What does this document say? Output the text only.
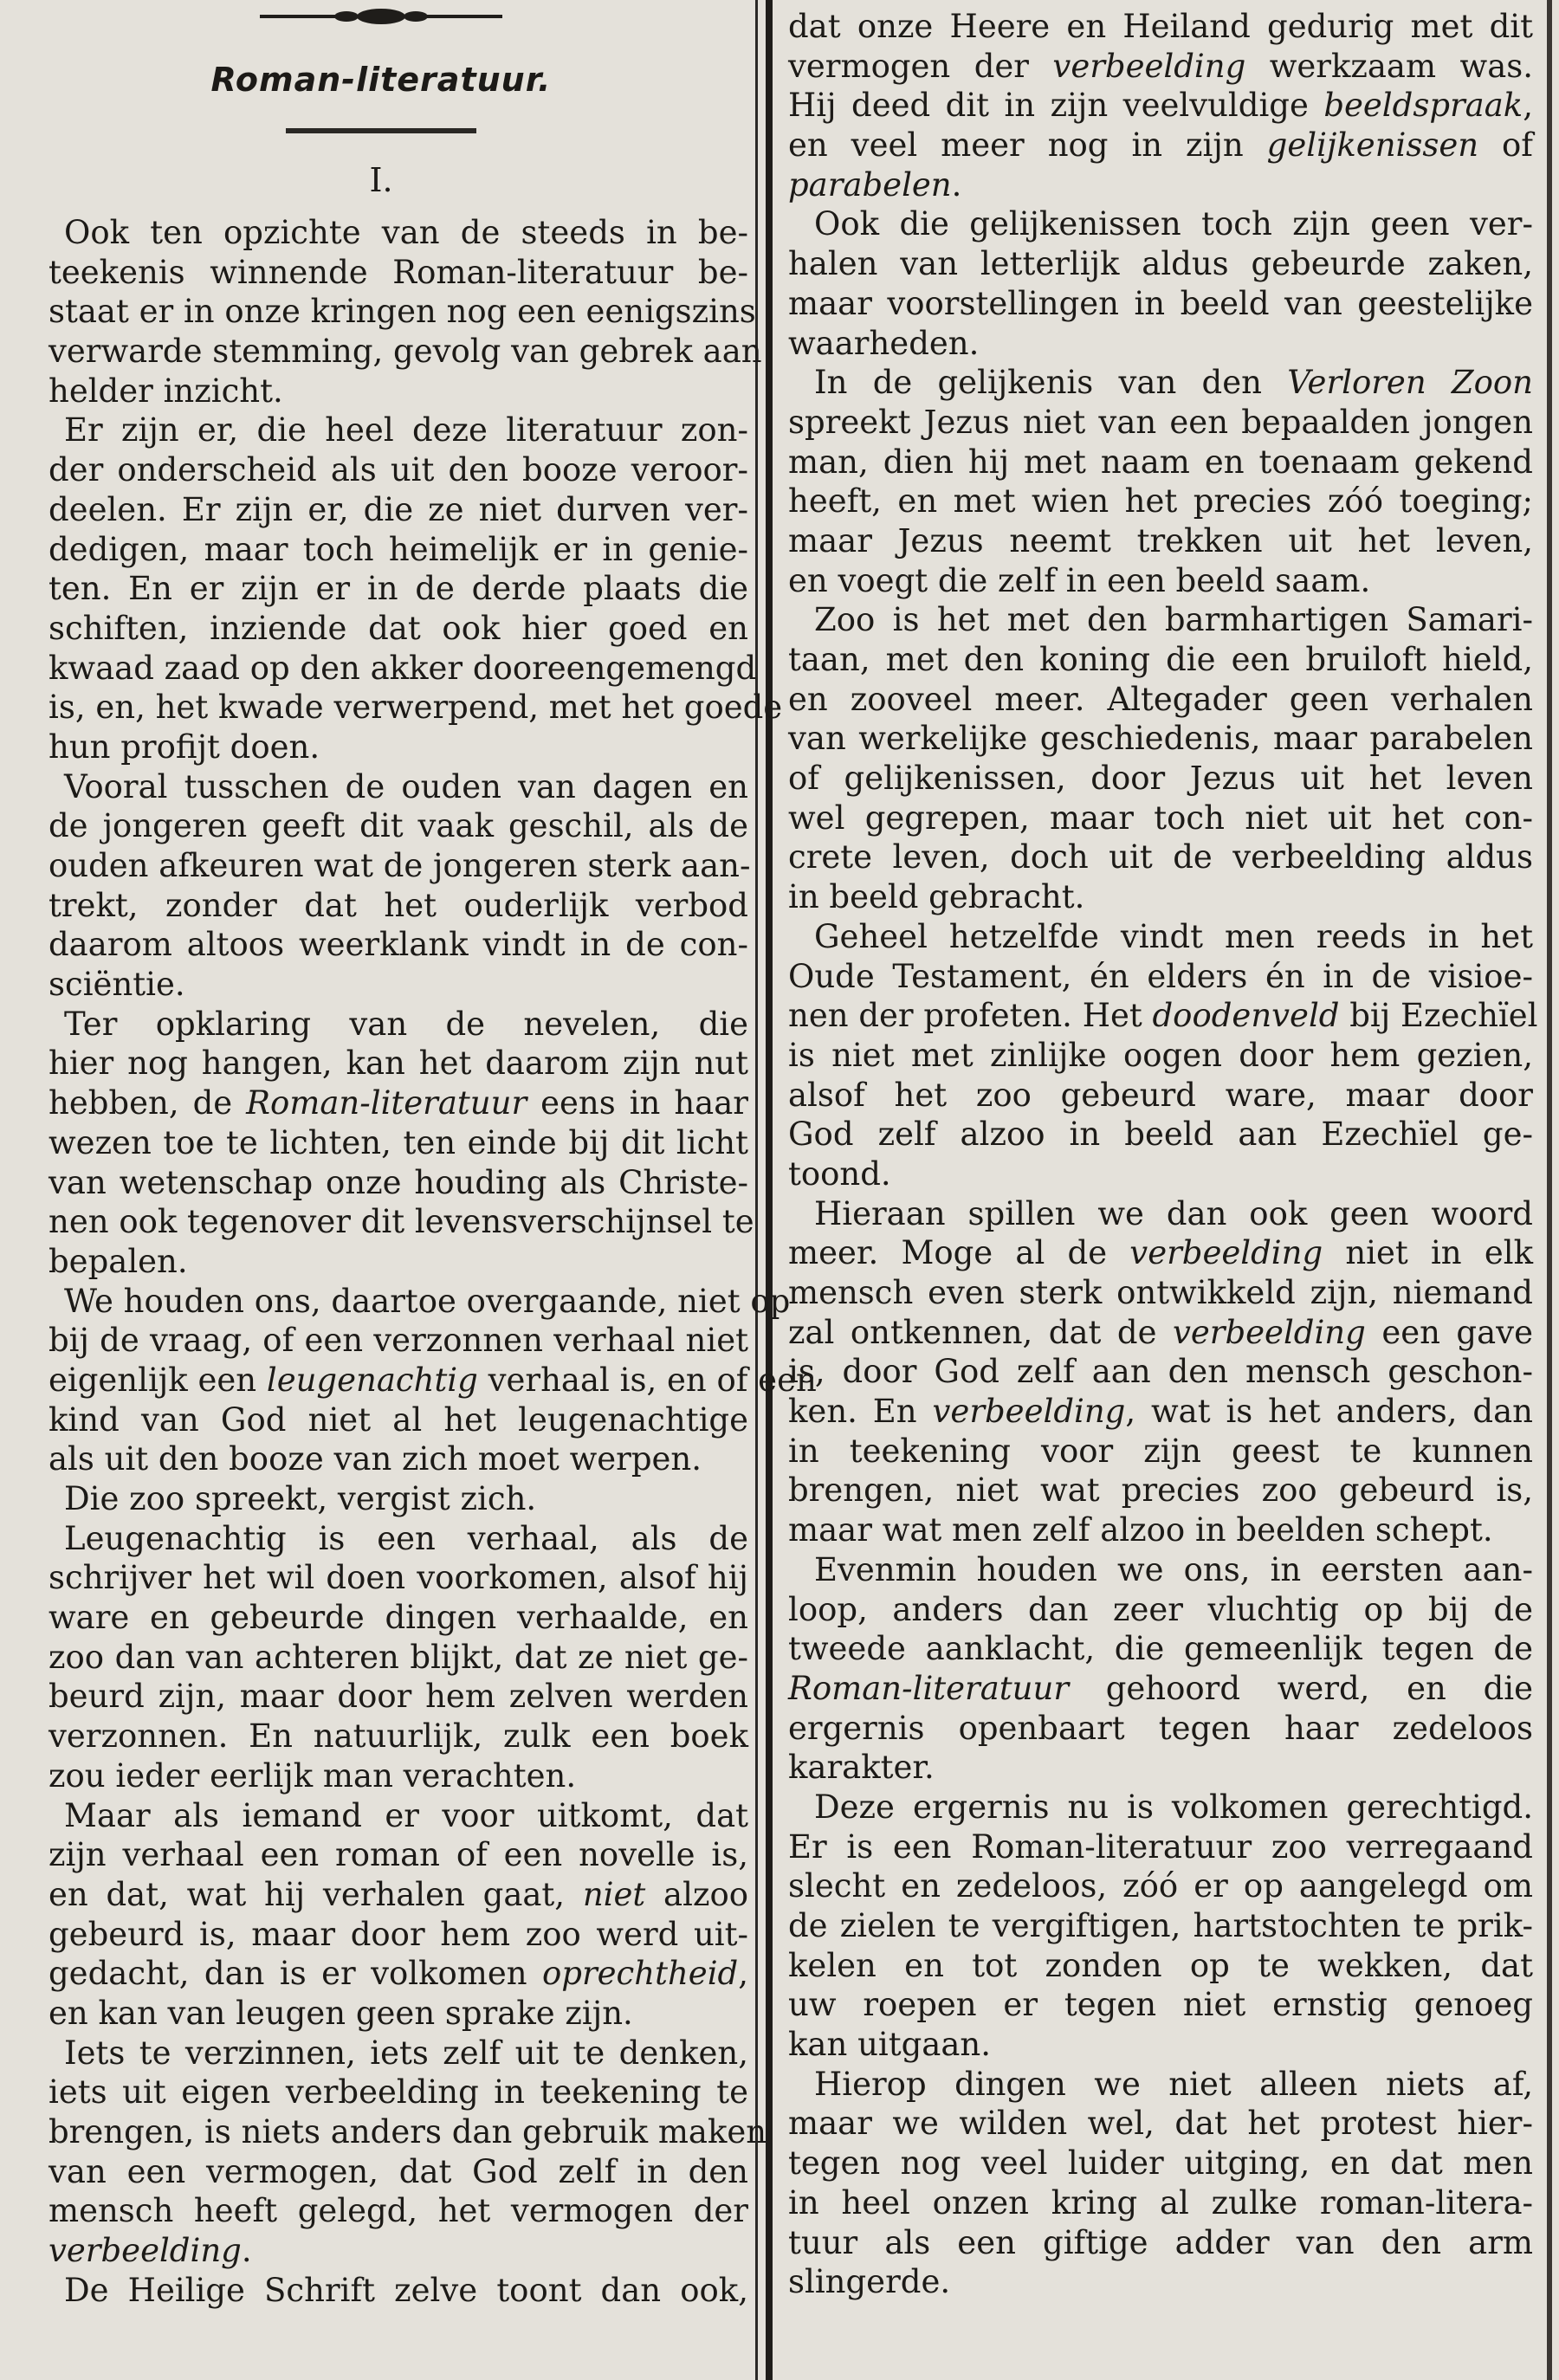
Roman-literatuur.
I.
Ook ten opzichte van de steeds in be-
teekenis winnende Roman-literatuur be-
staat er in onze kringen nog een eenigszins
verwarde stemming, gevolg van gebrek aan
helder inzicht.
Er zijn er, die heel deze literatuur zon-
der onderscheid als uit den booze veroor-
deelen. Er zijn er, die ze niet durven ver-
dedigen, maar toch heimelijk er in geniе-
ten. En er zijn er in de derde plaats die
schiften, inziende dat ook hier goed en
kwaad zaad op den akker dooreengemengd
is, en, het kwade verwerpend, met het goede
hun profijt doen.
Vooral tusschen de ouden van dagen en
de jongeren geeft dit vaak geschil, als de
ouden afkeuren wat de jongeren sterk aan-
trekt, zonder dat het ouderlijk verbod
daarom altoos weerklank vindt in de con-
sciëntie.
Ter opklaring van de nevelen, die
hier nog hangen, kan het daarom zijn nut
hebben, de Roman-literatuur eens in haar
wezen toe te lichten, ten einde bij dit licht
van wetenschap onze houding als Christe-
nen ook tegenover dit levensverschijnsel te
bepalen.
We houden ons, daartoe overgaande, niet op
bij de vraag, of een verzonnen verhaal niet
eigenlijk een leugenachtig verhaal is, en of een
kind van God niet al het leugenachtige
als uit den booze van zich moet werpen.
Die zoo spreekt, vergist zich.
Leugenachtig is een verhaal, als de
schrijver het wil doen voorkomen, alsof hij
ware en gebeurde dingen verhaalde, en
zoo dan van achteren blijkt, dat ze niet ge-
beurd zijn, maar door hem zelven werden
verzonnen. En natuurlijk, zulk een boek
zou ieder eerlijk man verachten.
Maar als iemand er voor uitkomt, dat
zijn verhaal een roman of een novelle is,
en dat, wat hij verhalen gaat, niet alzoo
gebeurd is, maar door hem zoo werd uit-
gedacht, dan is er volkomen oprechtheid,
en kan van leugen geen sprake zijn.
Iets te verzinnen, iets zelf uit te denken,
iets uit eigen verbeelding in teekening te
brengen, is niets anders dan gebruik maken
van een vermogen, dat God zelf in den
mensch heeft gelegd, het vermogen der
verbeelding.
De Heilige Schrift zelve toont dan ook,
dat onze Heere en Heiland gedurig met dit
vermogen der verbeelding werkzaam was.
Hij deed dit in zijn veelvuldige beeldspraak,
en veel meer nog in zijn gelijkenissen of
parabelen.
Ook die gelijkenissen toch zijn geen ver-
halen van letterlijk aldus gebeurde zaken,
maar voorstellingen in beeld van geestelijke
waarheden.
In de gelijkenis van den Verloren Zoon
spreekt Jezus niet van een bepaalden jongen
man, dien hij met naam en toenaam gekend
heeft, en met wien het precies zóó toeging;
maar Jezus neemt trekken uit het leven,
en voegt die zelf in een beeld saam.
Zoo is het met den barmhartigen Samari-
taan, met den koning die een bruiloft hield,
en zooveel meer. Altegader geen verhalen
van werkelijke geschiedenis, maar parabelen
of gelijkenissen, door Jezus uit het leven
wel gegrepen, maar toch niet uit het con-
crete leven, doch uit de verbeelding aldus
in beeld gebracht.
Geheel hetzelfde vindt men reeds in het
Oude Testament, én elders én in de visioe-
nen der profeten. Het doodenveld bij Ezechïel
is niet met zinlijke oogen door hem gezien,
alsof het zoo gebeurd ware, maar door
God zelf alzoo in beeld aan Ezechïel ge-
toond.
Hieraan spillen we dan ook geen woord
meer. Moge al de verbeelding niet in elk
mensch even sterk ontwikkeld zijn, niemand
zal ontkennen, dat de verbeelding een gave
is, door God zelf aan den mensch geschon-
ken. En verbeelding, wat is het anders, dan
in teekening voor zijn geest te kunnen
brengen, niet wat precies zoo gebeurd is,
maar wat men zelf alzoo in beelden schept.
Evenmin houden we ons, in eersten aan-
loop, anders dan zeer vluchtig op bij de
tweede aanklacht, die gemeenlijk tegen de
Roman-literatuur gehoord werd, en die
ergernis openbaart tegen haar zedeloos
karakter.
Deze ergernis nu is volkomen gerechtigd.
Er is een Roman-literatuur zoo verregaand
slecht en zedeloos, zóó er op aangelegd om
de zielen te vergiftigen, hartstochten te prik-
kelen en tot zonden op te wekken, dat
uw roepen er tegen niet ernstig genoeg
kan uitgaan.
Hierop dingen we niet alleen niets af,
maar we wilden wel, dat het protest hier-
tegen nog veel luider uitging, en dat men
in heel onzen kring al zulke roman-litera-
tuur als een giftige adder van den arm
slingerde.
